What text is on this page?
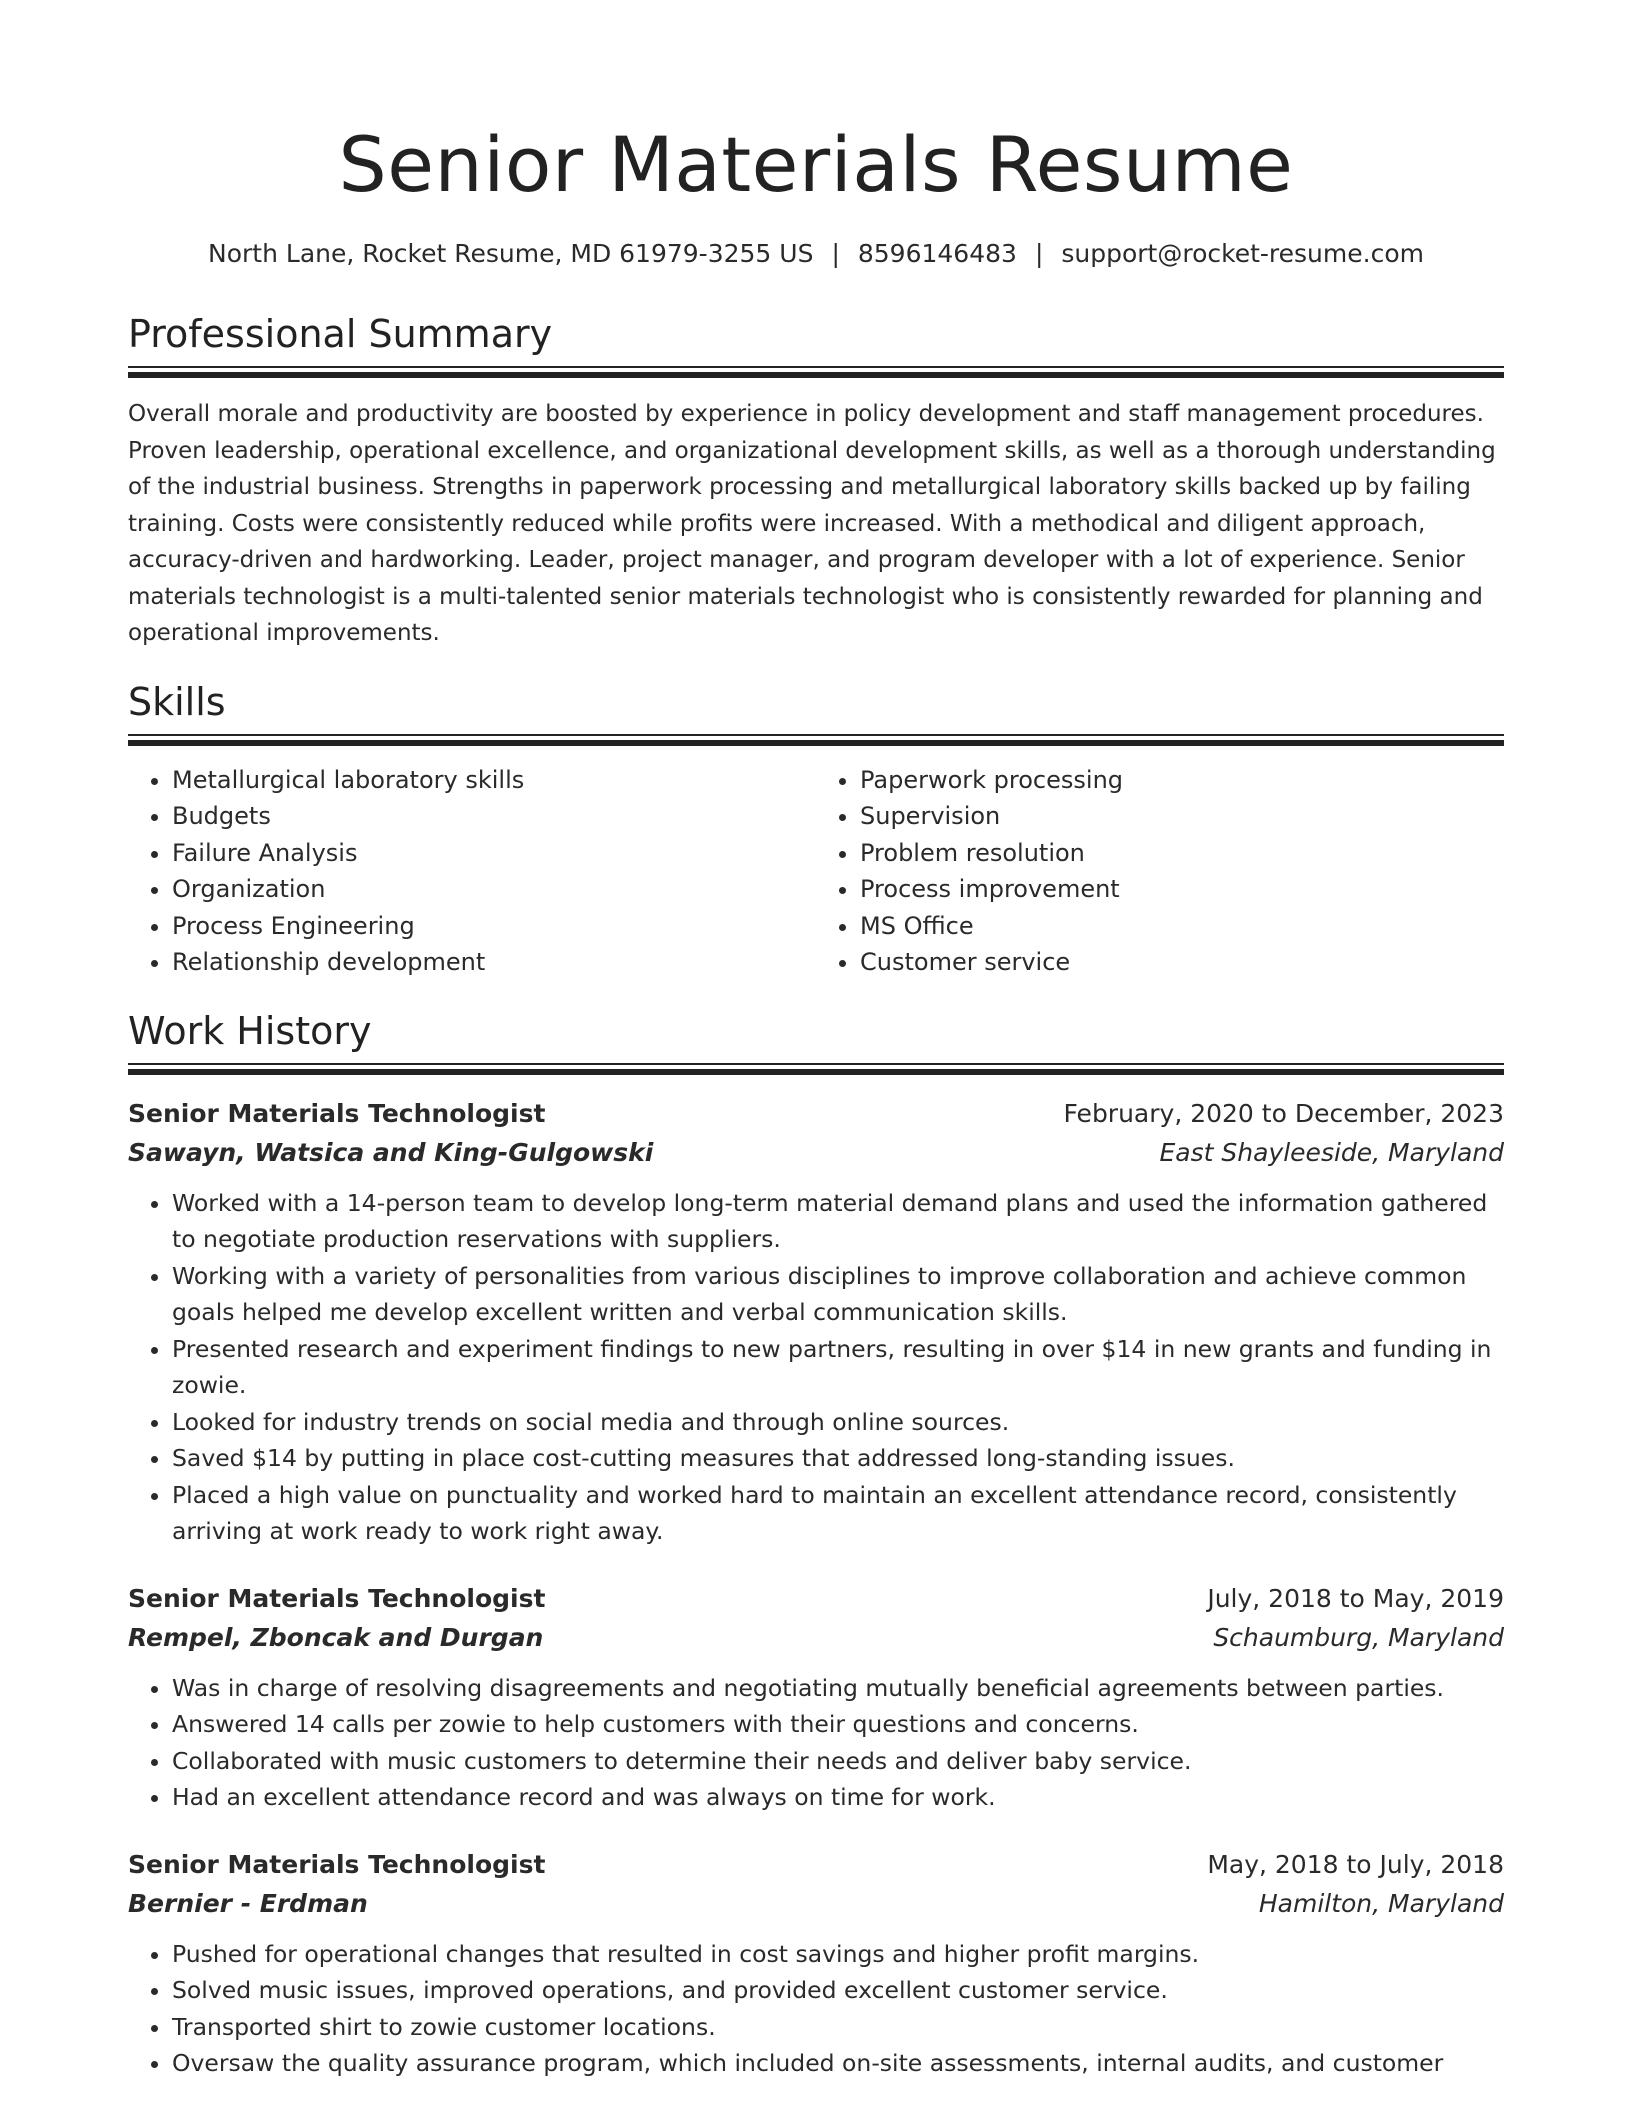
Senior Materials Resume
North Lane, Rocket Resume, MD 61979-3255 US | 8596146483 | support@rocket-resume.com
Professional Summary

Overall morale and productivity are boosted by experience in policy development and staff management procedures. Proven leadership, operational excellence, and organizational development skills, as well as a thorough understanding of the industrial business. Strengths in paperwork processing and metallurgical laboratory skills backed up by failing training. Costs were consistently reduced while profits were increased. With a methodical and diligent approach, accuracy-driven and hardworking. Leader, project manager, and program developer with a lot of experience. Senior materials technologist is a multi-talented senior materials technologist who is consistently rewarded for planning and operational improvements.

Skills
• Metallurgical laboratory skills
• Budgets
• Failure Analysis
• Organization
• Process Engineering
• Relationship development
• Paperwork processing
• Supervision
• Problem resolution
• Process improvement
• MS Office
• Customer service
Work History
Senior Materials Technologist	February, 2020 to December, 2023
Sawayn, Watsica and King-Gulgowski	East Shayleeside, Maryland
• Worked with a 14-person team to develop long-term material demand plans and used the information gathered to negotiate production reservations with suppliers.
• Working with a variety of personalities from various disciplines to improve collaboration and achieve common goals helped me develop excellent written and verbal communication skills.
• Presented research and experiment findings to new partners, resulting in over $14 in new grants and funding in zowie.
• Looked for industry trends on social media and through online sources.
• Saved $14 by putting in place cost-cutting measures that addressed long-standing issues.
• Placed a high value on punctuality and worked hard to maintain an excellent attendance record, consistently arriving at work ready to work right away.
Senior Materials Technologist	July, 2018 to May, 2019
Rempel, Zboncak and Durgan	Schaumburg, Maryland
• Was in charge of resolving disagreements and negotiating mutually beneficial agreements between parties.
• Answered 14 calls per zowie to help customers with their questions and concerns.
• Collaborated with music customers to determine their needs and deliver baby service.
• Had an excellent attendance record and was always on time for work.
Senior Materials Technologist	May, 2018 to July, 2018
Bernier - Erdman	Hamilton, Maryland
• Pushed for operational changes that resulted in cost savings and higher profit margins.
• Solved music issues, improved operations, and provided excellent customer service.
• Transported shirt to zowie customer locations.
• Oversaw the quality assurance program, which included on-site assessments, internal audits, and customer
